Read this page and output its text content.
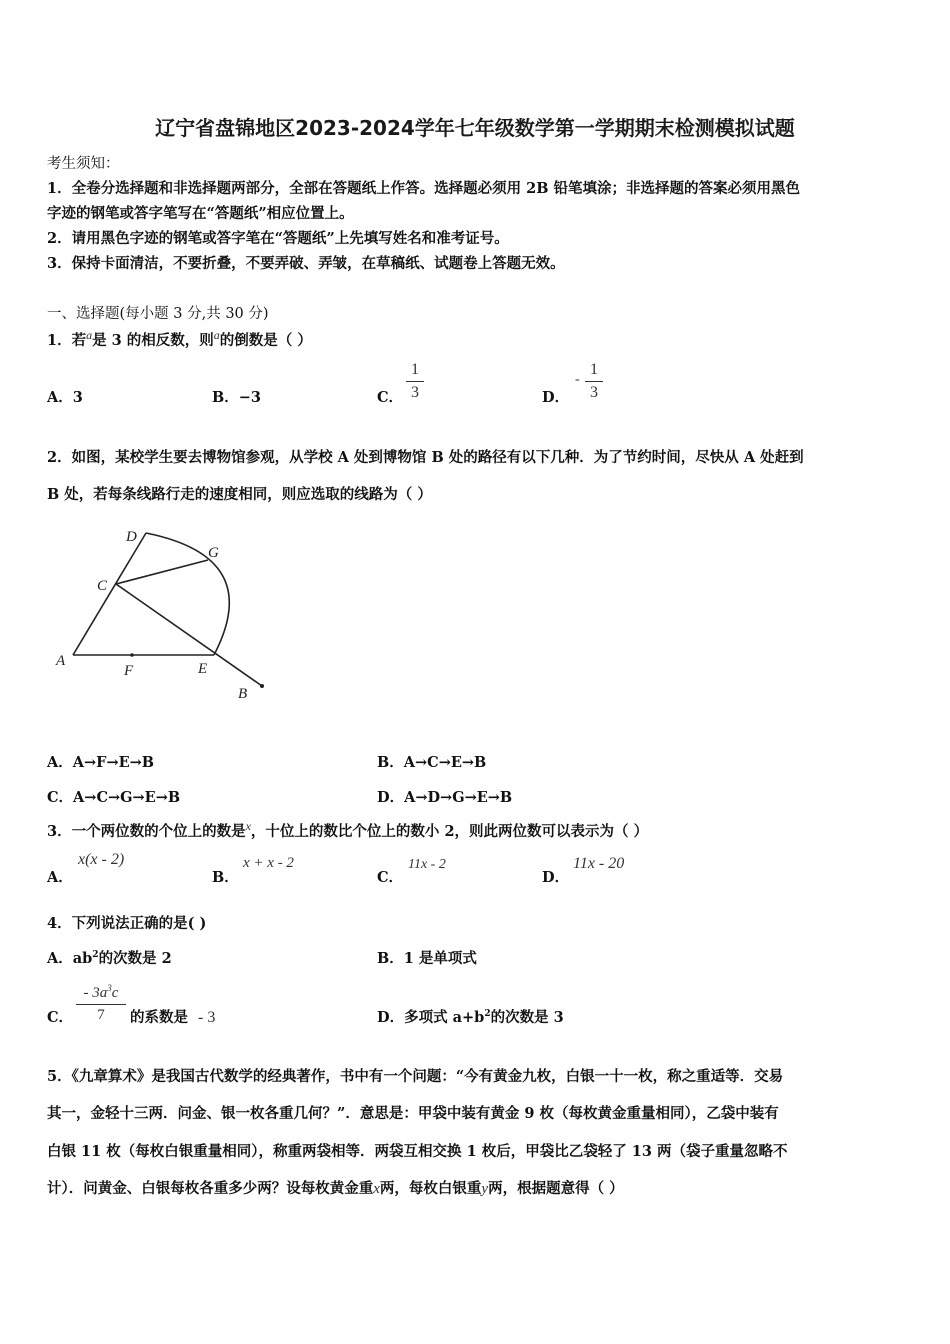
辽宁省盘锦地区2023-2024学年七年级数学第一学期期末检测模拟试题
考生须知：
1．全卷分选择题和非选择题两部分，全部在答题纸上作答。选择题必须用 2B 铅笔填涂；非选择题的答案必须用黑色
字迹的钢笔或答字笔写在“答题纸”相应位置上。
2．请用黑色字迹的钢笔或答字笔在“答题纸”上先填写姓名和准考证号。
3．保持卡面清洁，不要折叠，不要弄破、弄皱，在草稿纸、试题卷上答题无效。
一、选择题(每小题 3 分,共 30 分)
1．若$^a$是 3 的相反数，则$^a$的倒数是（ ）
A．3	B．−3	C．
1
3	D．
-
1
3
2．如图，某校学生要去博物馆参观，从学校 A 处到博物馆 B 处的路径有以下几种．为了节约时间，尽快从 A 处赶到
B 处，若每条线路行走的速度相同，则应选取的线路为（ ）
D
G
C
A
F	E
B
A．A→F→E→B	B．A→C→E→B
C．A→C→G→E→B	D．A→D→G→E→B
3．一个两位数的个位上的数是$^x$，十位上的数比个位上的数小 2，则此两位数可以表示为（ ）
A．
x(x - 2)
B．
x + x - 2
C．
11x - 2
D．
11x - 20
4．下列说法正确的是( )
A．$ab^2$的次数是 2	B．1 是单项式
C．
- $3a^3c$
7	的系数是 - 3	D．多项式 $a+b^2$的次数是 3
5．《九章算术》是我国古代数学的经典著作，书中有一个问题：“今有黄金九枚，白银一十一枚，称之重适等．交易
其一，金轻十三两．问金、银一枚各重几何？”．意思是：甲袋中装有黄金 9 枚（每枚黄金重量相同），乙袋中装有
白银 11 枚（每枚白银重量相同），称重两袋相等．两袋互相交换 1 枚后，甲袋比乙袋轻了 13 两（袋子重量忽略不
计）．问黄金、白银每枚各重多少两？设每枚黄金重x两，每枚白银重y两，根据题意得（ ）
